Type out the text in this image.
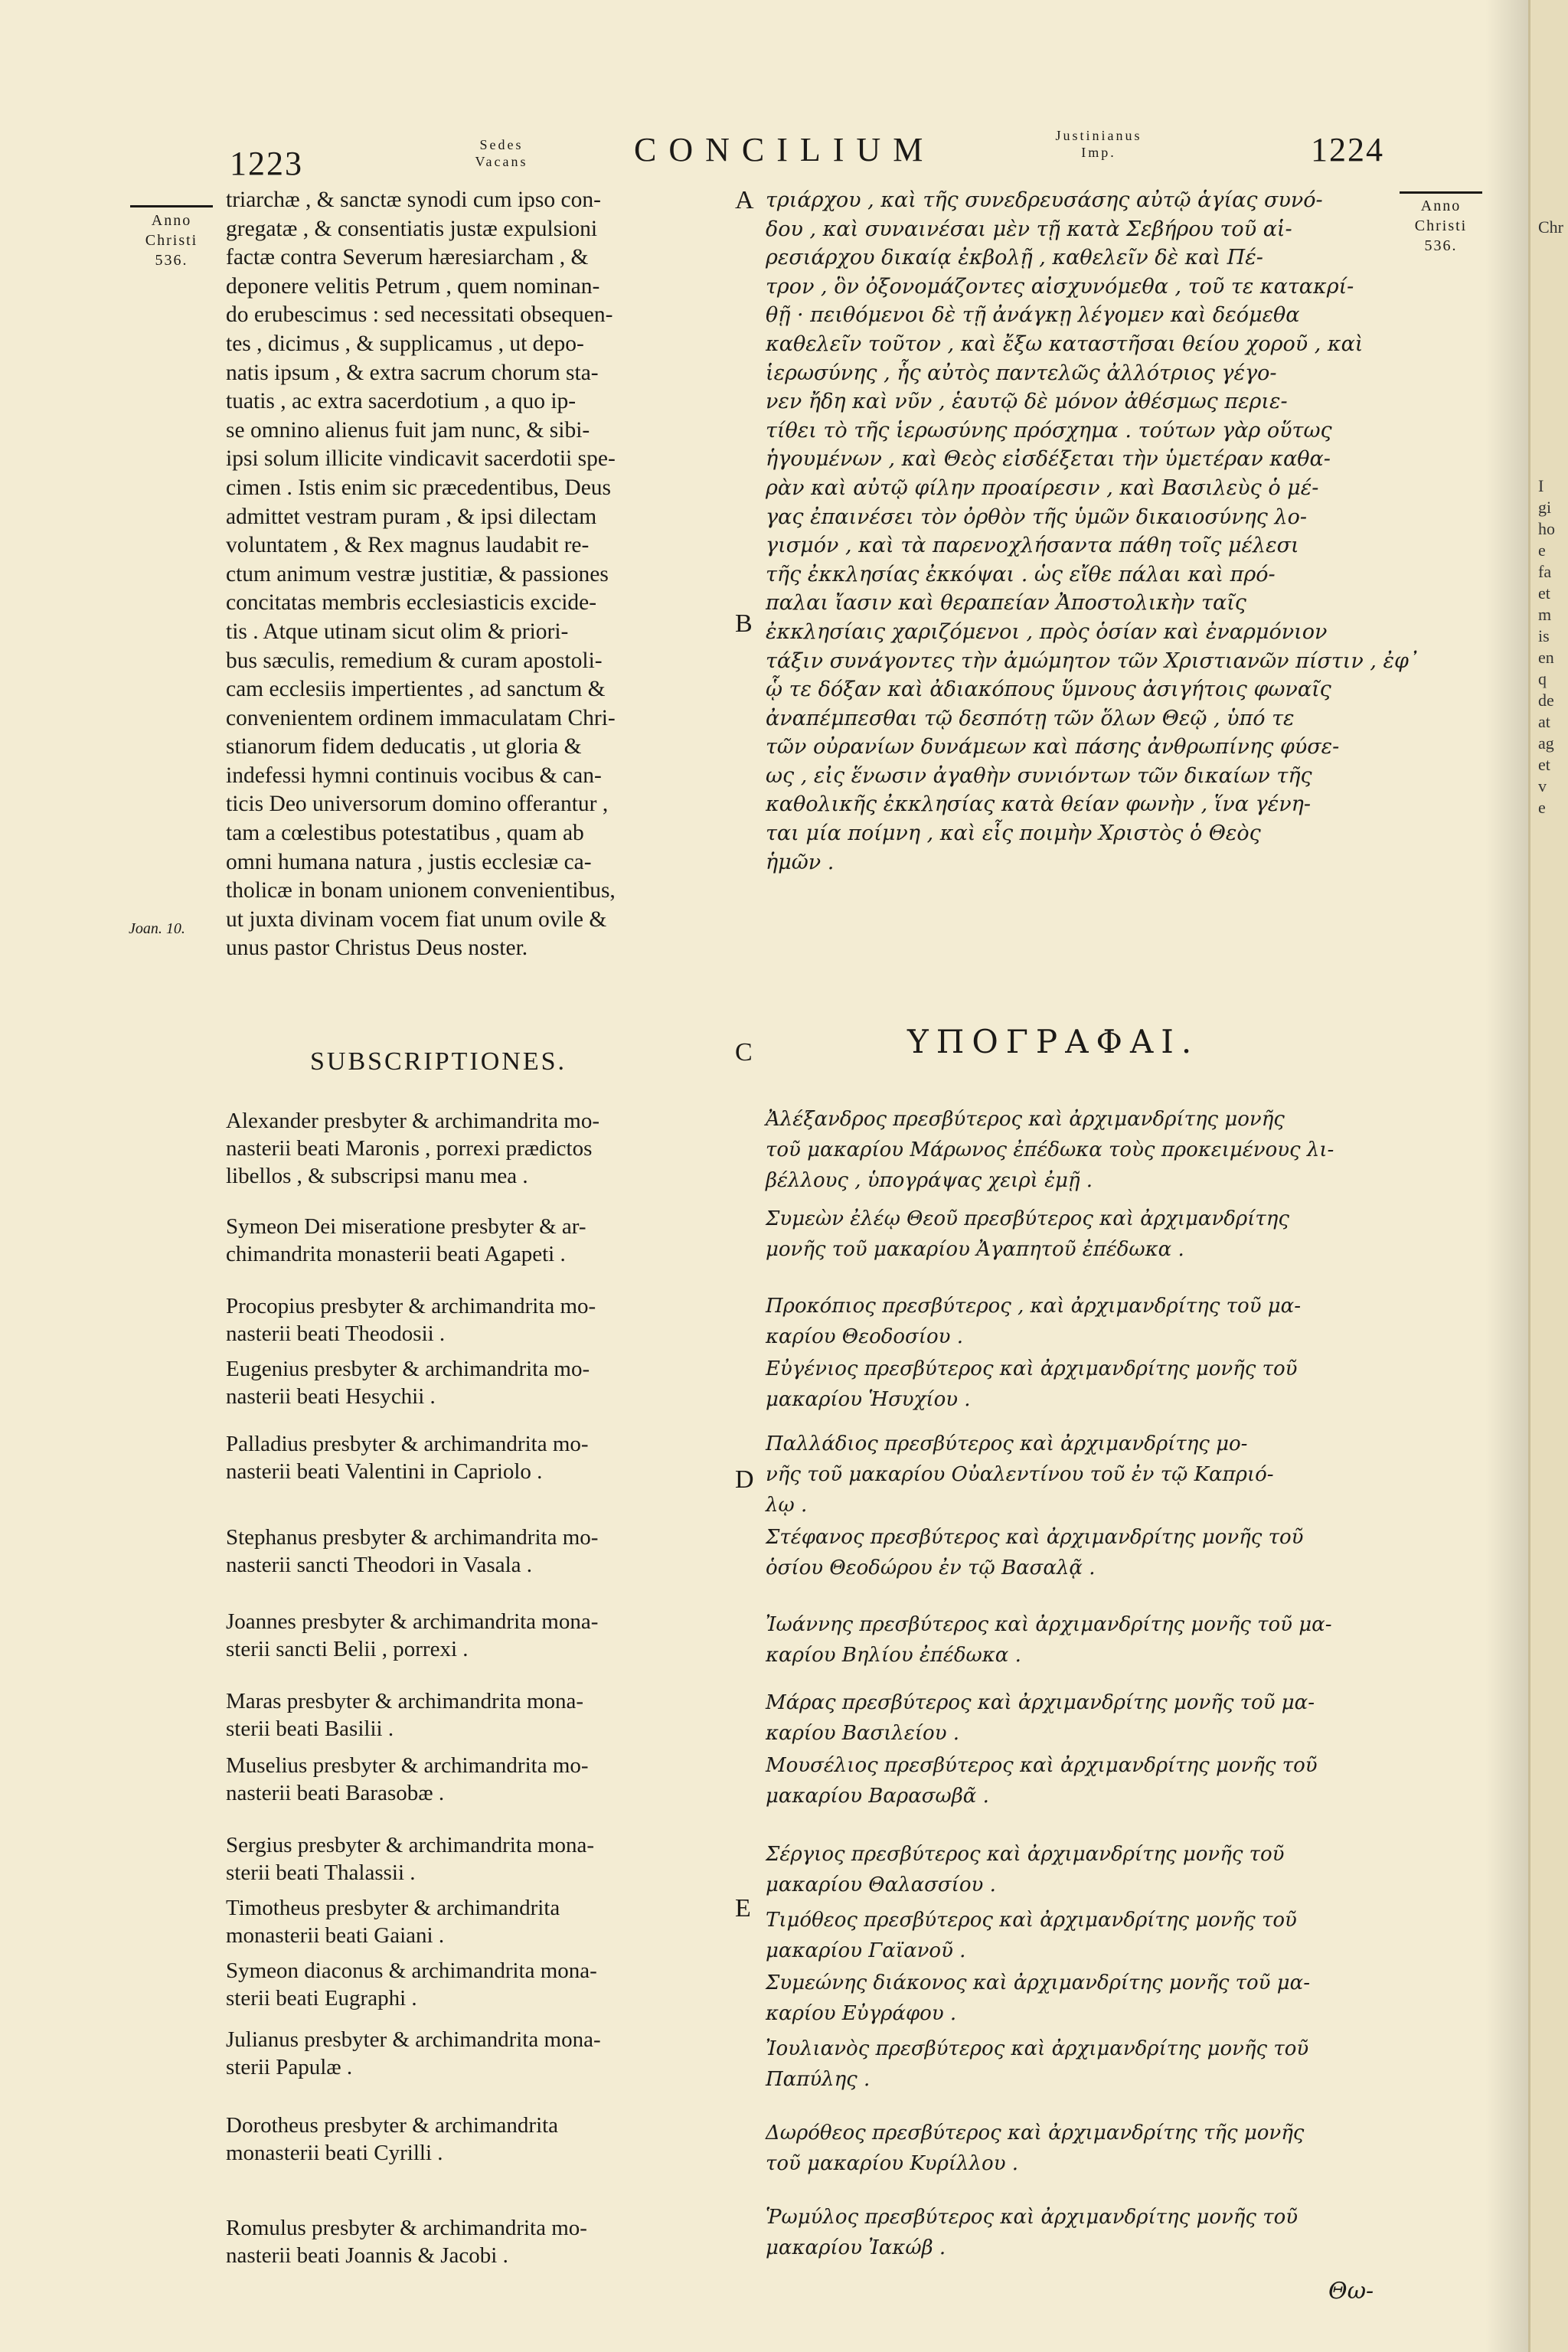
1223	Sedes
Vacans	CONCILIUM	Justinianus
Imp.	1224
Anno
Christi
536.
Anno
Christi
536.
Joan. 10.
A
B
C
D
E
triarchæ , & sanctæ synodi cum ipso con-
gregatæ , & consentiatis justæ expulsioni
factæ contra Severum hæresiarcham , &
deponere velitis Petrum , quem nominan-
do erubescimus : sed necessitati obsequen-
tes , dicimus , & supplicamus , ut depo-
natis ipsum , & extra sacrum chorum sta-
tuatis , ac extra sacerdotium , a quo ip-
se omnino alienus fuit jam nunc, & sibi-
ipsi solum illicite vindicavit sacerdotii spe-
cimen . Istis enim sic præcedentibus, Deus
admittet vestram puram , & ipsi dilectam
voluntatem , & Rex magnus laudabit re-
ctum animum vestræ justitiæ, & passiones
concitatas membris ecclesiasticis excide-
tis . Atque utinam sicut olim & priori-
bus sæculis, remedium & curam apostoli-
cam ecclesiis impertientes , ad sanctum &
convenientem ordinem immaculatam Chri-
stianorum fidem deducatis , ut gloria &
indefessi hymni continuis vocibus & can-
ticis Deo universorum domino offerantur ,
tam a cœlestibus potestatibus , quam ab
omni humana natura , justis ecclesiæ ca-
tholicæ in bonam unionem convenientibus,
ut juxta divinam vocem fiat unum ovile &
unus pastor Christus Deus noster.
τριάρχου , καὶ τῆς συνεδρευσάσης αὐτῷ ἁγίας συνό-
δου , καὶ συναινέσαι μὲν τῇ κατὰ Σεβήρου τοῦ αἱ-
ρεσιάρχου δικαίᾳ ἐκβολῇ , καθελεῖν δὲ καὶ Πέ-
τρον , ὃν ὀξονομάζοντες αἰσχυνόμεθα , τοῦ τε κατακρί-
θῇ · πειθόμενοι δὲ τῇ ἀνάγκῃ λέγομεν καὶ δεόμεθα
καθελεῖν τοῦτον , καὶ ἔξω καταστῆσαι θείου χοροῦ , καὶ
ἱερωσύνης , ἧς αὐτὸς παντελῶς ἀλλότριος γέγο-
νεν ἤδη καὶ νῦν , ἑαυτῷ δὲ μόνον ἀθέσμως περιε-
τίθει τὸ τῆς ἱερωσύνης πρόσχημα . τούτων γὰρ οὕτως
ἡγουμένων , καὶ Θεὸς εἰσδέξεται τὴν ὑμετέραν καθα-
ρὰν καὶ αὐτῷ φίλην προαίρεσιν , καὶ Βασιλεὺς ὁ μέ-
γας ἐπαινέσει τὸν ὀρθὸν τῆς ὑμῶν δικαιοσύνης λο-
γισμόν , καὶ τὰ παρενοχλήσαντα πάθη τοῖς μέλεσι
τῆς ἐκκλησίας ἐκκόψαι . ὡς εἴθε πάλαι καὶ πρό-
παλαι ἴασιν καὶ θεραπείαν Ἀποστολικὴν ταῖς
ἐκκλησίαις χαριζόμενοι , πρὸς ὁσίαν καὶ ἐναρμόνιον
τάξιν συνάγοντες τὴν ἀμώμητον τῶν Χριστιανῶν πίστιν , ἐφ᾽
ᾧ τε δόξαν καὶ ἀδιακόπους ὕμνους ἀσιγήτοις φωναῖς
ἀναπέμπεσθαι τῷ δεσπότῃ τῶν ὅλων Θεῷ , ὑπό τε
τῶν οὐρανίων δυνάμεων καὶ πάσης ἀνθρωπίνης φύσε-
ως , εἰς ἕνωσιν ἀγαθὴν συνιόντων τῶν δικαίων τῆς
καθολικῆς ἐκκλησίας κατὰ θείαν φωνὴν , ἵνα γένη-
ται μία ποίμνη , καὶ εἷς ποιμὴν Χριστὸς ὁ Θεὸς
ἡμῶν .
SUBSCRIPTIONES.
ΥΠΟΓΡΑΦΑΙ.
Alexander presbyter & archimandrita mo-
nasterii beati Maronis , porrexi prædictos
libellos , & subscripsi manu mea .
Symeon Dei miseratione presbyter & ar-
chimandrita monasterii beati Agapeti .
Procopius presbyter & archimandrita mo-
nasterii beati Theodosii .
Eugenius presbyter & archimandrita mo-
nasterii beati Hesychii .
Palladius presbyter & archimandrita mo-
nasterii beati Valentini in Capriolo .
Stephanus presbyter & archimandrita mo-
nasterii sancti Theodori in Vasala .
Joannes presbyter & archimandrita mona-
sterii sancti Belii , porrexi .
Maras presbyter & archimandrita mona-
sterii beati Basilii .
Muselius presbyter & archimandrita mo-
nasterii beati Barasobæ .
Sergius presbyter & archimandrita mona-
sterii beati Thalassii .
Timotheus presbyter & archimandrita
monasterii beati Gaiani .
Symeon diaconus & archimandrita mona-
sterii beati Eugraphi .
Julianus presbyter & archimandrita mona-
sterii Papulæ .
Dorotheus presbyter & archimandrita
monasterii beati Cyrilli .
Romulus presbyter & archimandrita mo-
nasterii beati Joannis & Jacobi .
Ἀλέξανδρος πρεσβύτερος καὶ ἀρχιμανδρίτης μονῆς
τοῦ μακαρίου Μάρωνος ἐπέδωκα τοὺς προκειμένους λι-
βέλλους , ὑπογράψας χειρὶ ἐμῇ .
Συμεὼν ἐλέῳ Θεοῦ πρεσβύτερος καὶ ἀρχιμανδρίτης
μονῆς τοῦ μακαρίου Ἀγαπητοῦ ἐπέδωκα .
Προκόπιος πρεσβύτερος , καὶ ἀρχιμανδρίτης τοῦ μα-
καρίου Θεοδοσίου .
Εὐγένιος πρεσβύτερος καὶ ἀρχιμανδρίτης μονῆς τοῦ
μακαρίου Ἡσυχίου .
Παλλάδιος πρεσβύτερος καὶ ἀρχιμανδρίτης μο-
νῆς τοῦ μακαρίου Οὐαλεντίνου τοῦ ἐν τῷ Καπριό-
λῳ .
Στέφανος πρεσβύτερος καὶ ἀρχιμανδρίτης μονῆς τοῦ
ὁσίου Θεοδώρου ἐν τῷ Βασαλᾷ .
Ἰωάννης πρεσβύτερος καὶ ἀρχιμανδρίτης μονῆς τοῦ μα-
καρίου Βηλίου ἐπέδωκα .
Μάρας πρεσβύτερος καὶ ἀρχιμανδρίτης μονῆς τοῦ μα-
καρίου Βασιλείου .
Μουσέλιος πρεσβύτερος καὶ ἀρχιμανδρίτης μονῆς τοῦ
μακαρίου Βαρασωβᾶ .
Σέργιος πρεσβύτερος καὶ ἀρχιμανδρίτης μονῆς τοῦ
μακαρίου Θαλασσίου .
Τιμόθεος πρεσβύτερος καὶ ἀρχιμανδρίτης μονῆς τοῦ
μακαρίου Γαϊανοῦ .
Συμεώνης διάκονος καὶ ἀρχιμανδρίτης μονῆς τοῦ μα-
καρίου Εὐγράφου .
Ἰουλιανὸς πρεσβύτερος καὶ ἀρχιμανδρίτης μονῆς τοῦ
Παπύλης .
Δωρόθεος πρεσβύτερος καὶ ἀρχιμανδρίτης τῆς μονῆς
τοῦ μακαρίου Κυρίλλου .
Ῥωμύλος πρεσβύτερος καὶ ἀρχιμανδρίτης μονῆς τοῦ
μακαρίου Ἰακώβ .
Θω-
Chr
I
gi
ho
e
fa
et
m
is
en
q
de
at
ag
et
v
e
